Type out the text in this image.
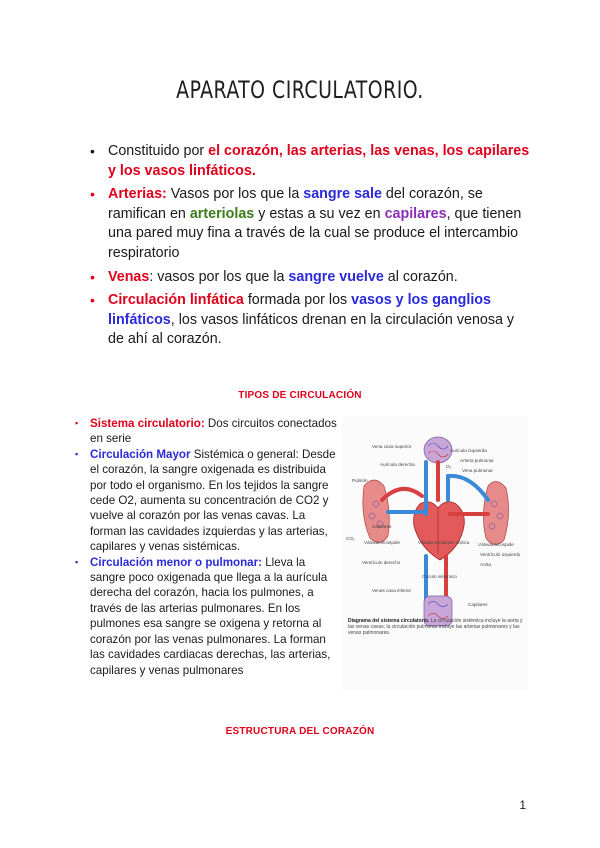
APARATO CIRCULATORIO.
• Constituido por el corazón, las arterias, las venas, los capilares y los vasos linfáticos.
• Arterias: Vasos por los que la sangre sale del corazón, se ramifican en arteriolas y estas a su vez en capilares, que tienen una pared muy fina a través de la cual se produce el intercambio respiratorio
• Venas: vasos por los que la sangre vuelve al corazón.
• Circulación linfática formada por los vasos y los ganglios linfáticos, los vasos linfáticos drenan en la circulación venosa y de ahí al corazón.
TIPOS DE CIRCULACIÓN
▪ Sistema circulatorio: Dos circuitos conectados en serie
▪ Circulación Mayor Sistémica o general: Desde el corazón, la sangre oxigenada es distribuida por todo el organismo. En los tejidos la sangre cede O2, aumenta su concentración de CO2 y vuelve al corazón por las venas cavas. La forman las cavidades izquierdas y las arterias, capilares y venas sistémicas.
▪ Circulación menor o pulmonar: Lleva la sangre poco oxigenada que llega a la aurícula derecha del corazón, hacia los pulmones, a través de las arterias pulmonares. En los pulmones esa sangre se oxigena y retorna al corazón por las venas pulmonares. La forman las cavidades cardiacas derechas, las arterias, capilares y venas pulmonares
Vena cava superior
Aurícula derecha
Pulmón
Capilares
Válvula tricúspide
Ventrículo derecho
Venas cava inferior
Válvula semilunar aórtica
Aurícula izquierda
Arteria pulmonar
Vena pulmonar
Válvula bicúspide
Ventrículo izquierdo
Aorta
Círculo sistémico
Capilares
O₂
CO₂
Diagrama del sistema circulatorio. La circulación sistémica incluye la aorta y las venas cavas; la circulación pulmonar incluye las arterias pulmonares y las venas pulmonares.
ESTRUCTURA DEL CORAZÓN
1
